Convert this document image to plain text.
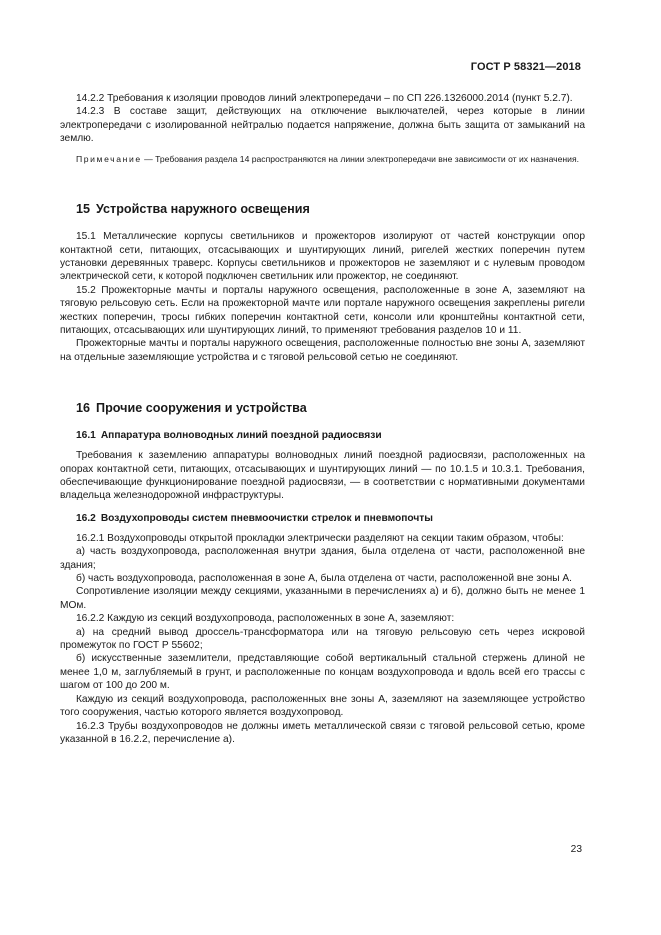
ГОСТ Р 58321—2018

14.2.2 Требования к изоляции проводов линий электропередачи – по СП 226.1326000.2014 (пункт 5.2.7).

14.2.3 В составе защит, действующих на отключение выключателей, через которые в линии электропередачи с изолированной нейтралью подается напряжение, должна быть защита от замыканий на землю.

Примечание — Требования раздела 14 распространяются на линии электропередачи вне зависимости от их назначения.

15 Устройства наружного освещения

15.1 Металлические корпусы светильников и прожекторов изолируют от частей конструкции опор контактной сети, питающих, отсасывающих и шунтирующих линий, ригелей жестких поперечин путем установки деревянных траверс. Корпусы светильников и прожекторов не заземляют и с нулевым проводом электрической сети, к которой подключен светильник или прожектор, не соединяют.

15.2 Прожекторные мачты и порталы наружного освещения, расположенные в зоне А, заземляют на тяговую рельсовую сеть. Если на прожекторной мачте или портале наружного освещения закреплены ригели жестких поперечин, тросы гибких поперечин контактной сети, консоли или кронштейны контактной сети, питающих, отсасывающих или шунтирующих линий, то применяют требования разделов 10 и 11.

Прожекторные мачты и порталы наружного освещения, расположенные полностью вне зоны А, заземляют на отдельные заземляющие устройства и с тяговой рельсовой сетью не соединяют.

16 Прочие сооружения и устройства
16.1 Аппаратура волноводных линий поездной радиосвязи

Требования к заземлению аппаратуры волноводных линий поездной радиосвязи, расположенных на опорах контактной сети, питающих, отсасывающих и шунтирующих линий — по 10.1.5 и 10.3.1. Требования, обеспечивающие функционирование поездной радиосвязи, — в соответствии с нормативными документами владельца железнодорожной инфраструктуры.

16.2 Воздухопроводы систем пневмоочистки стрелок и пневмопочты

16.2.1 Воздухопроводы открытой прокладки электрически разделяют на секции таким образом, чтобы:

а) часть воздухопровода, расположенная внутри здания, была отделена от части, расположенной вне здания;

б) часть воздухопровода, расположенная в зоне А, была отделена от части, расположенной вне зоны А.

Сопротивление изоляции между секциями, указанными в перечислениях а) и б), должно быть не менее 1 МОм.

16.2.2 Каждую из секций воздухопровода, расположенных в зоне А, заземляют:

а) на средний вывод дроссель-трансформатора или на тяговую рельсовую сеть через искровой промежуток по ГОСТ Р 55602;

б) искусственные заземлители, представляющие собой вертикальный стальной стержень длиной не менее 1,0 м, заглубляемый в грунт, и расположенные по концам воздухопровода и вдоль всей его трассы с шагом от 100 до 200 м.

Каждую из секций воздухопровода, расположенных вне зоны А, заземляют на заземляющее устройство того сооружения, частью которого является воздухопровод.

16.2.3 Трубы воздухопроводов не должны иметь металлической связи с тяговой рельсовой сетью, кроме указанной в 16.2.2, перечисление а).

23
